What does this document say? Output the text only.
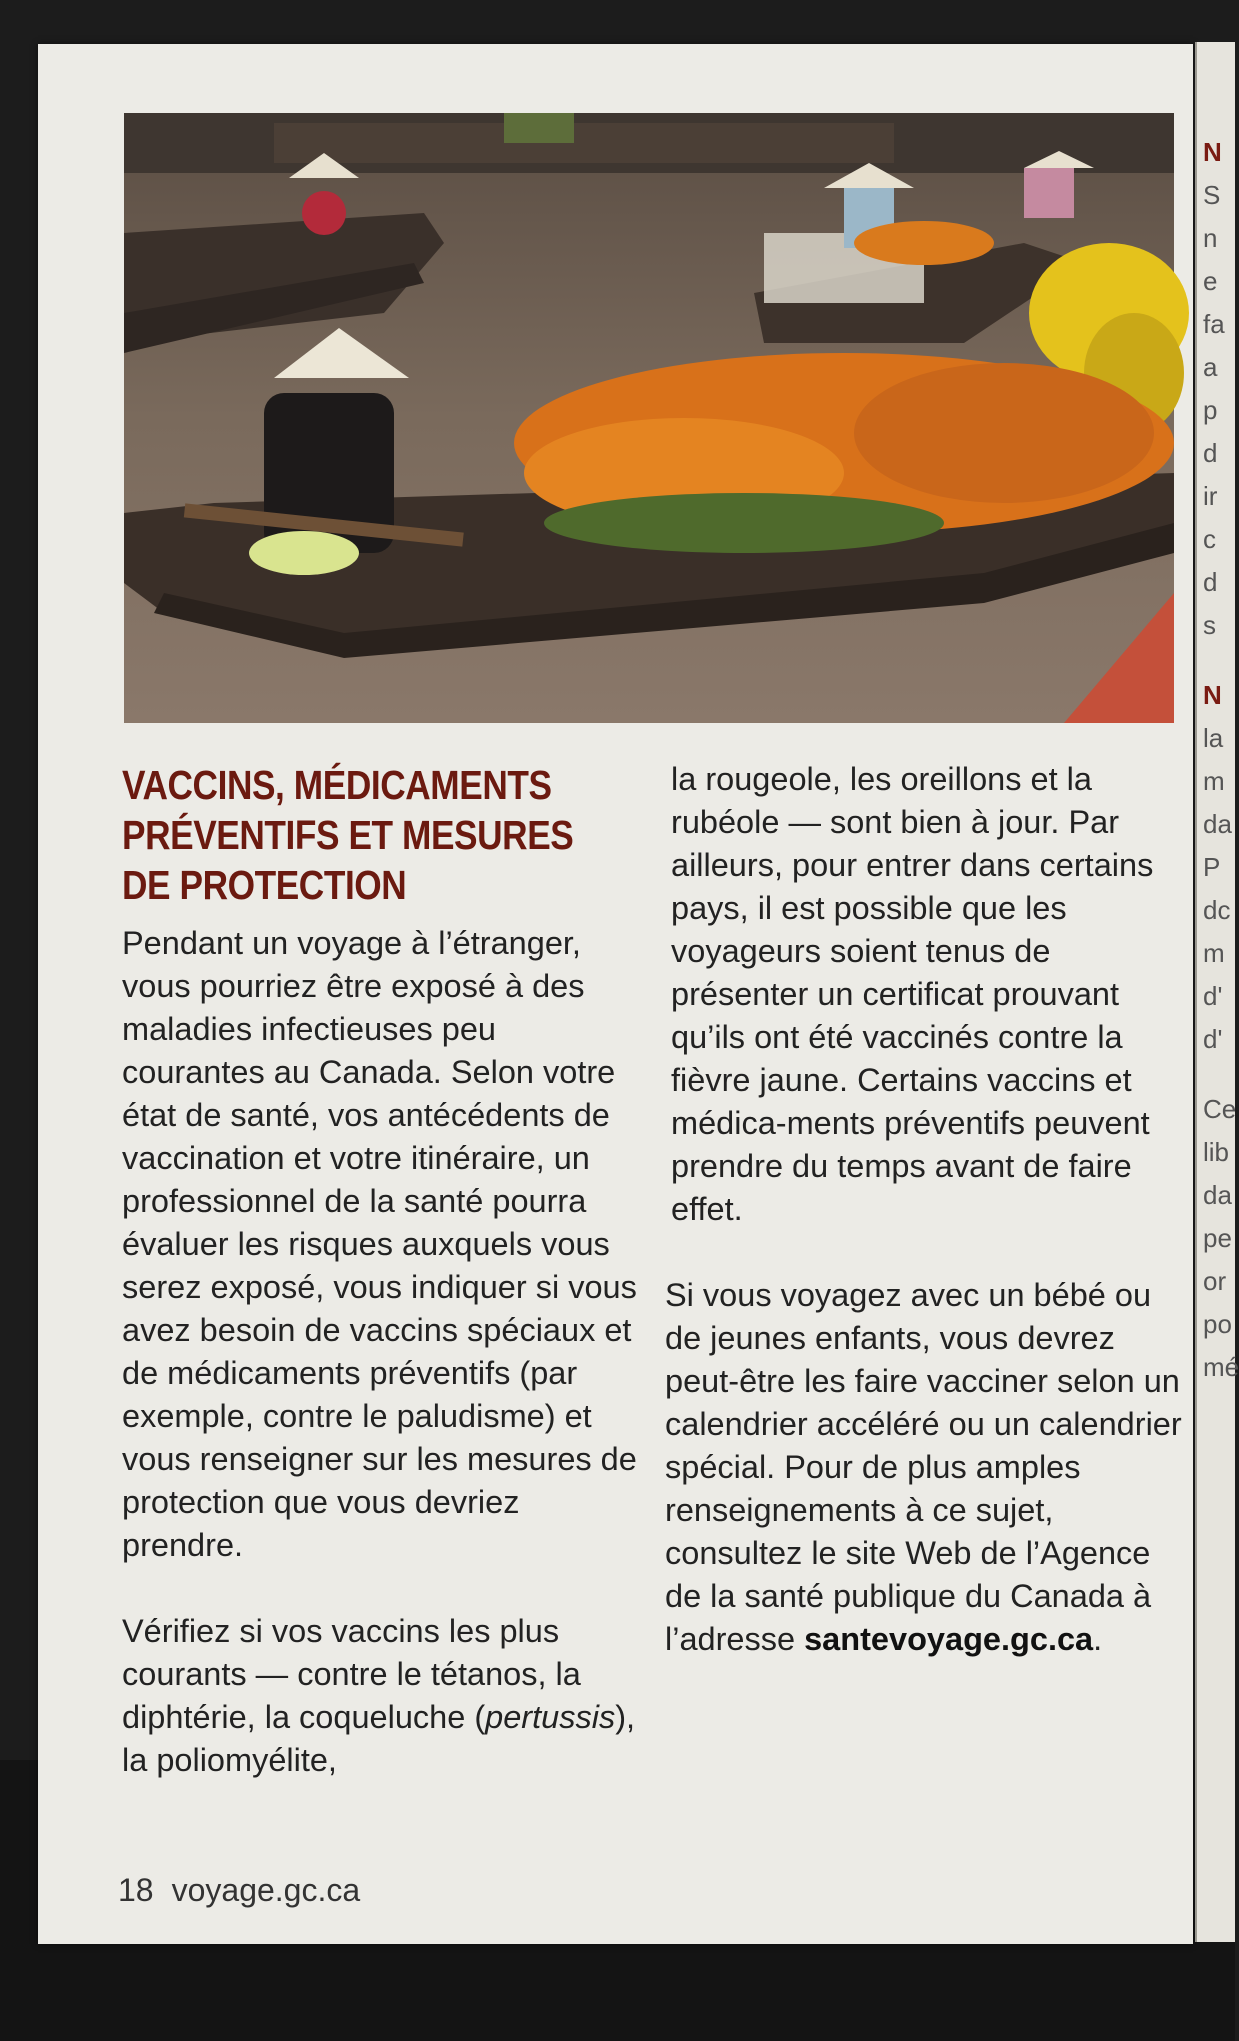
N
S
n
e
fa
a
p
d
ir
c
d
s
N
la
m
da
P
dc
m
d'
d'
Ce
lib
da
pe
or
po
mé
VACCINS, MÉDICAMENTS PRÉVENTIFS ET MESURES DE PROTECTION

Pendant un voyage à l’étranger, vous pourriez être exposé à des maladies infectieuses peu courantes au Canada. Selon votre état de santé, vos antécédents de vaccination et votre itinéraire, un professionnel de la santé pourra évaluer les risques auxquels vous serez exposé, vous indiquer si vous avez besoin de vaccins spéciaux et de médicaments préventifs (par exemple, contre le paludisme) et vous renseigner sur les mesures de protection que vous devriez prendre.

Vérifiez si vos vaccins les plus courants — contre le tétanos, la diphtérie, la coqueluche (pertussis), la poliomyélite,

la rougeole, les oreillons et la rubéole — sont bien à jour. Par ailleurs, pour entrer dans certains pays, il est possible que les voyageurs soient tenus de présenter un certificat prouvant qu’ils ont été vaccinés contre la fièvre jaune. Certains vaccins et médica-ments préventifs peuvent prendre du temps avant de faire effet.

Si vous voyagez avec un bébé ou de jeunes enfants, vous devrez peut-être les faire vacciner selon un calendrier accéléré ou un calendrier spécial. Pour de plus amples renseignements à ce sujet, consultez le site Web de l’Agence de la santé publique du Canada à l’adresse santevoyage.gc.ca.

18 voyage.gc.ca
